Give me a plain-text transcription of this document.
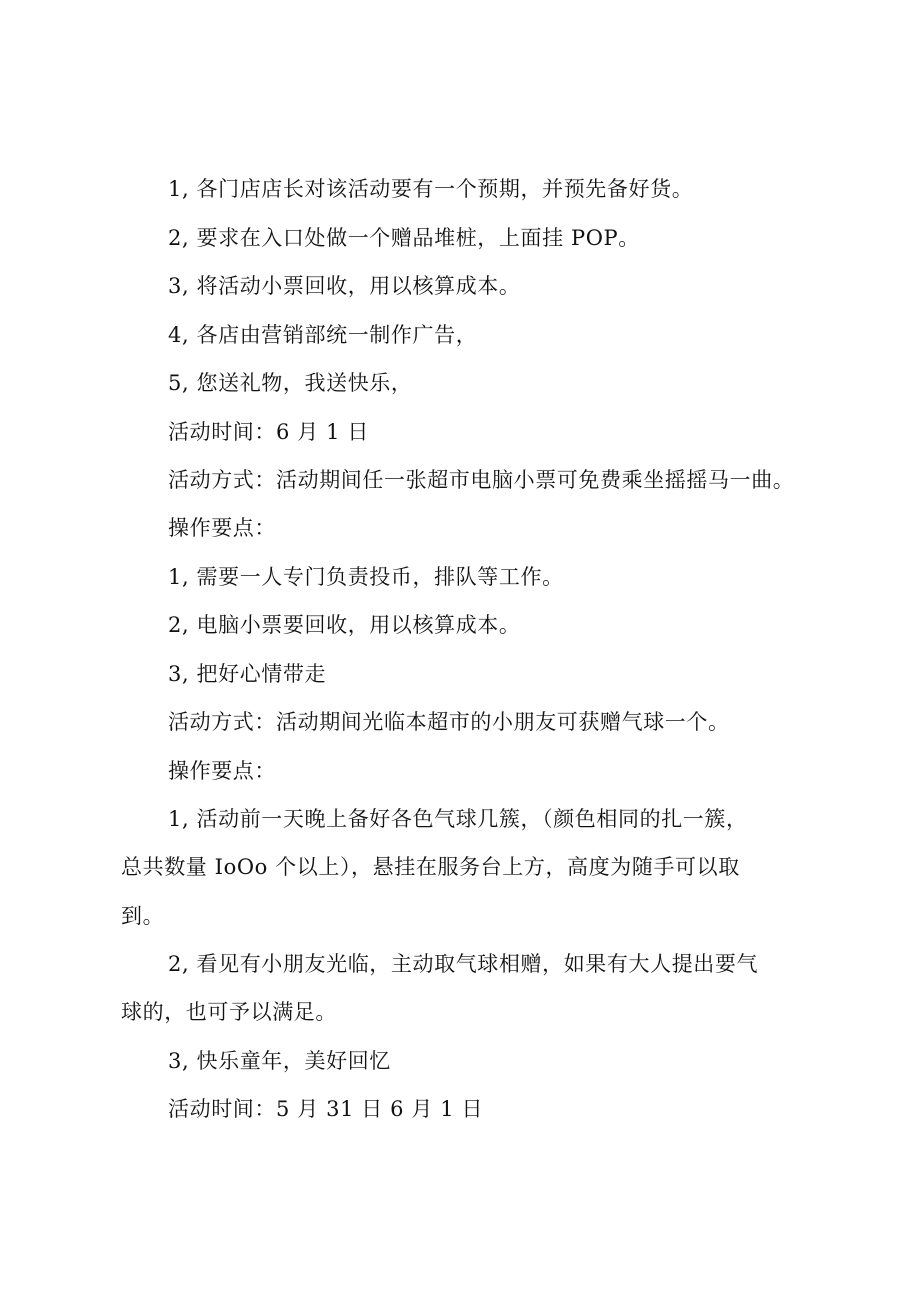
1, 各门店店长对该活动要有一个预期，并预先备好货。
2, 要求在入口处做一个赠品堆桩，上面挂 POP。
3, 将活动小票回收，用以核算成本。
4, 各店由营销部统一制作广告，
5, 您送礼物，我送快乐，
活动时间：6 月 1 日
活动方式：活动期间任一张超市电脑小票可免费乘坐摇摇马一曲。
操作要点：
1, 需要一人专门负责投币，排队等工作。
2, 电脑小票要回收，用以核算成本。
3, 把好心情带走
活动方式：活动期间光临本超市的小朋友可获赠气球一个。
操作要点：
1, 活动前一天晚上备好各色气球几簇，（颜色相同的扎一簇，
总共数量 IoOo 个以上），悬挂在服务台上方，高度为随手可以取
到。
2, 看见有小朋友光临，主动取气球相赠，如果有大人提出要气
球的，也可予以满足。
3, 快乐童年，美好回忆
活动时间：5 月 31 日 6 月 1 日
